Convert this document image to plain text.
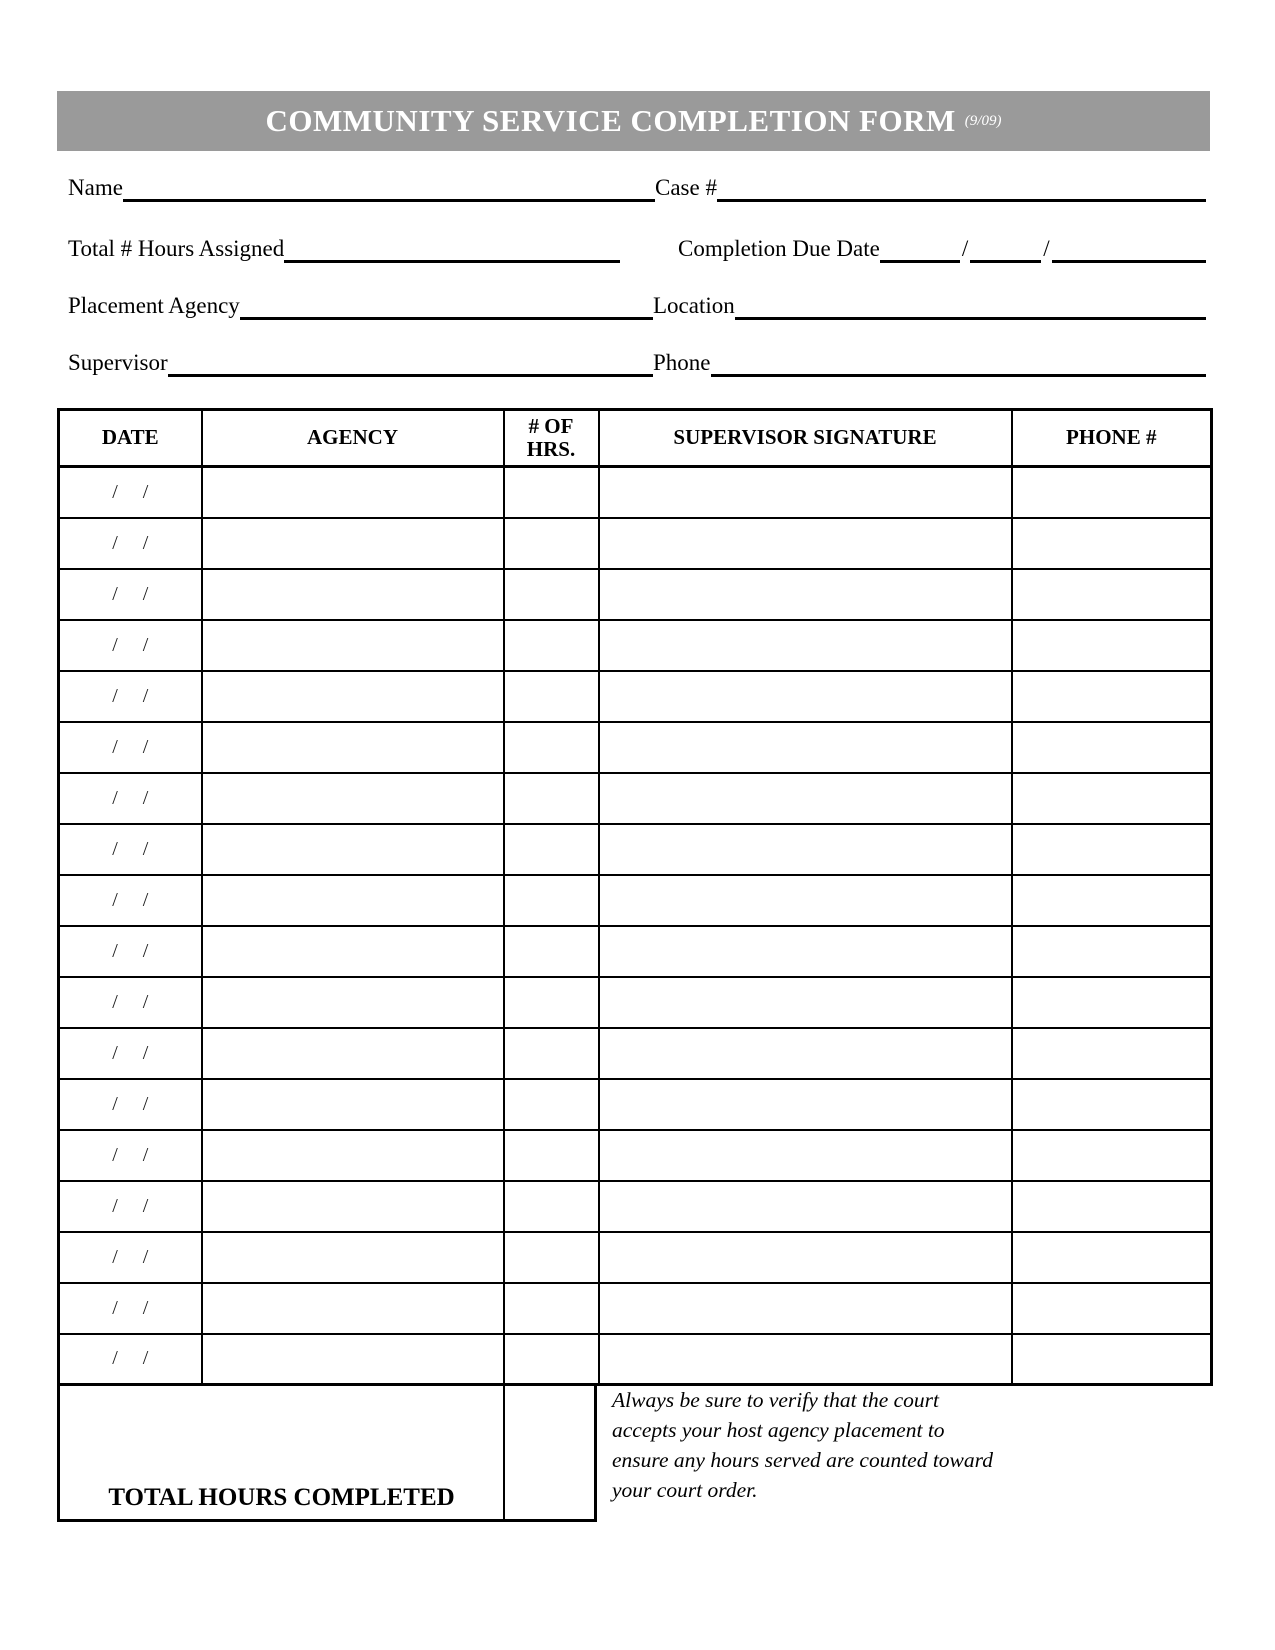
COMMUNITY SERVICE COMPLETION FORM (9/09)
Name	Case #
Total # Hours Assigned	Completion Due Date	/	/
Placement Agency	Location
Supervisor	Phone
DATE	AGENCY	# OF HRS.	SUPERVISOR SIGNATURE	PHONE #
/     /				
/     /				
/     /				
/     /				
/     /				
/     /				
/     /				
/     /				
/     /				
/     /				
/     /				
/     /				
/     /				
/     /				
/     /				
/     /				
/     /				
/     /				
TOTAL HOURS COMPLETED
Always be sure to verify that the court accepts your host agency placement to ensure any hours served are counted toward your court order.
